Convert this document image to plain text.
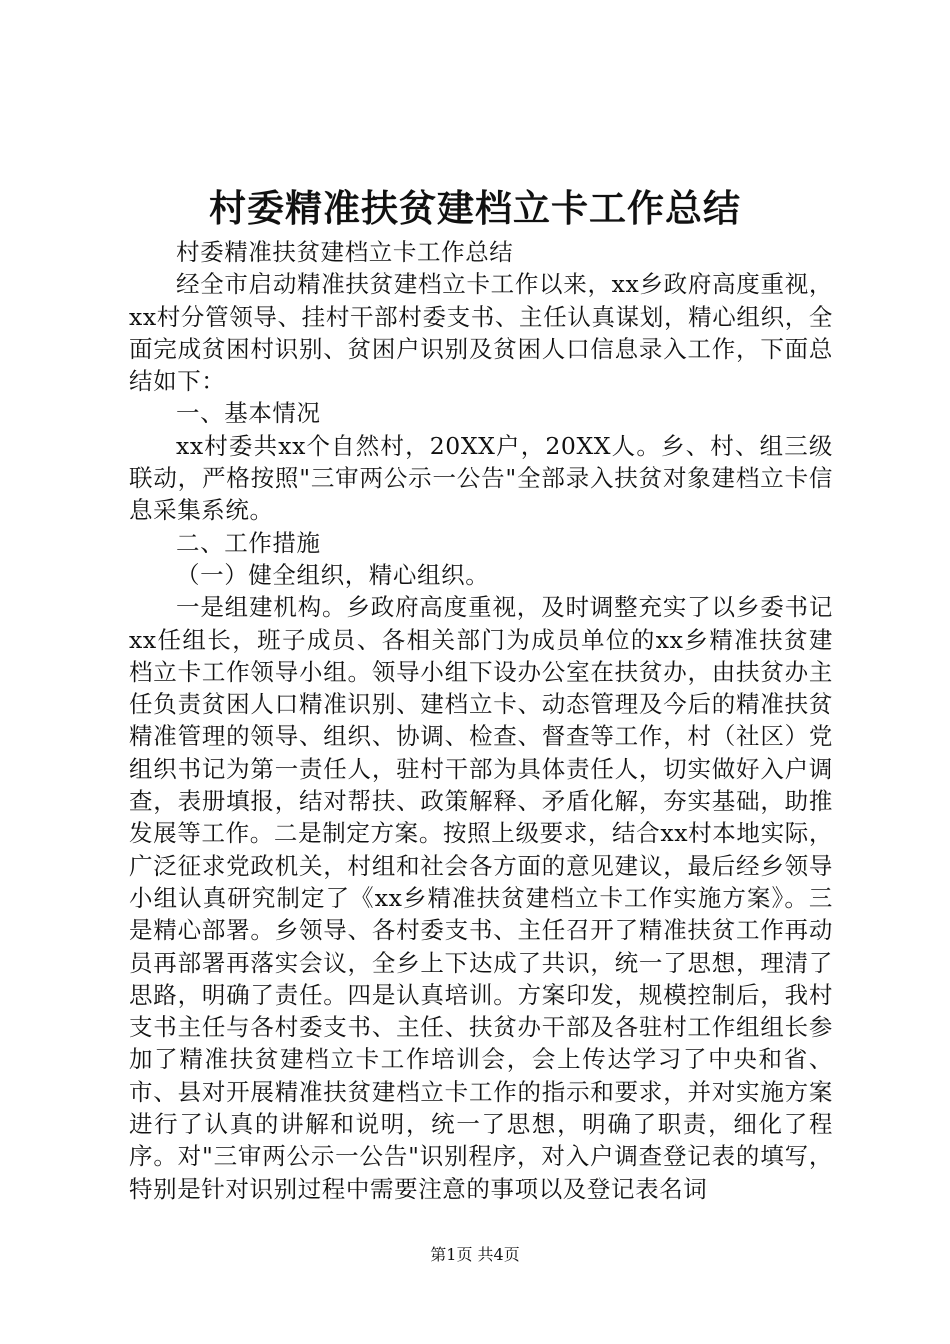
村委精准扶贫建档立卡工作总结

村委精准扶贫建档立卡工作总结

经全市启动精准扶贫建档立卡工作以来，xx乡政府高度重视，xx村分管领导、挂村干部村委支书、主任认真谋划，精心组织，全面完成贫困村识别、贫困户识别及贫困人口信息录入工作，下面总结如下：

一、基本情况

xx村委共xx个自然村，20XX户，20XX人。乡、村、组三级联动，严格按照"三审两公示一公告"全部录入扶贫对象建档立卡信息采集系统。

二、工作措施

（一）健全组织，精心组织。

一是组建机构。乡政府高度重视，及时调整充实了以乡委书记xx任组长，班子成员、各相关部门为成员单位的xx乡精准扶贫建档立卡工作领导小组。领导小组下设办公室在扶贫办，由扶贫办主任负责贫困人口精准识别、建档立卡、动态管理及今后的精准扶贫精准管理的领导、组织、协调、检查、督查等工作，村（社区）党组织书记为第一责任人，驻村干部为具体责任人，切实做好入户调查，表册填报，结对帮扶、政策解释、矛盾化解，夯实基础，助推发展等工作。二是制定方案。按照上级要求，结合xx村本地实际，广泛征求党政机关，村组和社会各方面的意见建议，最后经乡领导小组认真研究制定了《xx乡精准扶贫建档立卡工作实施方案》。三是精心部署。乡领导、各村委支书、主任召开了精准扶贫工作再动员再部署再落实会议，全乡上下达成了共识，统一了思想，理清了思路，明确了责任。四是认真培训。方案印发，规模控制后，我村支书主任与各村委支书、主任、扶贫办干部及各驻村工作组组长参加了精准扶贫建档立卡工作培训会，会上传达学习了中央和省、市、县对开展精准扶贫建档立卡工作的指示和要求，并对实施方案进行了认真的讲解和说明，统一了思想，明确了职责，细化了程序。对"三审两公示一公告"识别程序，对入户调查登记表的填写，特别是针对识别过程中需要注意的事项以及登记表名词

第1页 共4页
